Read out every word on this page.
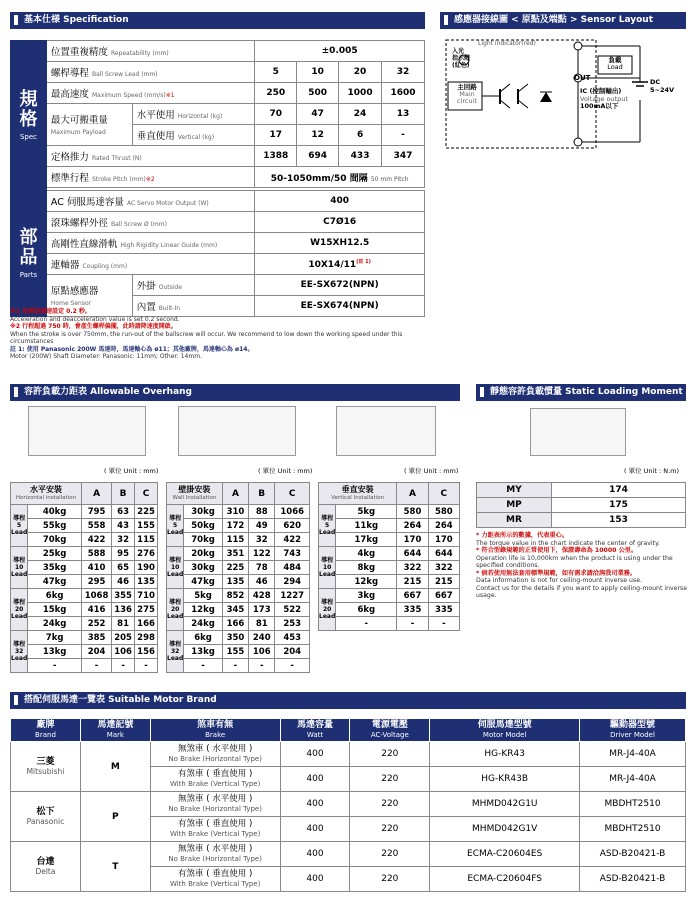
基本仕様 Specification
規格
Spec	位置重複精度 Repeatability (mm)		±0.005			
	螺桿導程 Ball Screw Lead (mm)		5	10	20	32
	最高速度 Maximum Speed (mm/s)※1		250	500	1000	1600
	最大可搬重量
Maximum Payload	水平使用 Horizontal (kg)	70	47	24	13
		垂直使用 Vertical (kg)	17	12	6	-
	定格推力 Rated Thrust (N)		1388	694	433	347
	標準行程 Stroke Pitch (mm)※2		50-1050mm/50 間隔 50 mm Pitch			

部品
Parts	AC 伺服馬達容量 AC Servo Motor Output (W)		400			
	滾珠螺桿外徑 Ball Screw Ø (mm)		C7Ø16			
	高剛性直線滑軌 High Rigidity Linear Guide (mm)		W15XH12.5			
	連軸器 Coupling (mm)		$10X14/11^{(註 1)}$
	原點感應器
Home Sensor	外掛 Outside	EE-SX672(NPN)			
		內置 Built-In	EE-SX674(NPN)			
※1 馬達加減速設定 0.2 秒。
Acceleration and deacceleration value is set 0.2 second.
※2 行程超過 750 時，會產生螺桿偏擺，此時請降速度開啟。
When the stroke is over 750mm, the run-out of the ballscrew will occur. We recommend to low down the working speed under this circumstances
註 1: 使用 Panasonic 200W 馬達時，馬達軸心為 ø11；其他廠牌，馬達軸心為 ø14。
Motor (200W) Shaft Diameter: Panasonic: 11mm; Other: 14mm.
感應器接線圖 < 原點及端點 > Sensor Layout
Light indicator(red)
入光
指示燈
(紅色)
主回路
Main circuit
OUT
負載
Load
DC 5~24V
IC (控制輸出)
Voltage output
100mA以下
容許負載力距表 Allowable Overhang
( 單位 Unit : mm)	( 單位 Unit : mm)	( 單位 Unit : mm)
水平安裝
Horizontal installation		A	B	C
導程
5
Lead	40kg	795	63	225
	55kg	558	43	155
	70kg	422	32	115
導程
10
Lead	25kg	588	95	276
	35kg	410	65	190
	47kg	295	46	135
導程
20
Lead	6kg	1068	355	710
	15kg	416	136	275
	24kg	252	81	166
導程
32
Lead	7kg	385	205	298
	13kg	204	106	156
	-	-	-	-
壁掛安裝
Wall Installation		A	B	C
導程
5
Lead	30kg	310	88	1066
	50kg	172	49	620
	70kg	115	32	422
導程
10
Lead	20kg	351	122	743
	30kg	225	78	484
	47kg	135	46	294
導程
20
Lead	5kg	852	428	1227
	12kg	345	173	522
	24kg	166	81	253
導程
32
Lead	6kg	350	240	453
	13kg	155	106	204
	-	-	-	-
垂直安裝
Vertical Installation		A	C
導程
5
Lead	5kg	580	580
	11kg	264	264
	17kg	170	170
導程
10
Lead	4kg	644	644
	8kg	322	322
	12kg	215	215
導程
20
Lead	3kg	667	667
	6kg	335	335
	-	-	-
靜態容許負載慣量 Static Loading Moment
( 單位 Unit : N.m)
MY	174
MP	175
MR	153
* 力距表所示的數據，代表重心。
The torque value in the chart indicate the center of gravity.
* 符合型錄規範的正常使用下，保證壽命為 10000 公里。
Operation life is 10,000km when the product is using under the specified conditions.
* 倘若使用無法套用標準規範，如有需求請洽詢我司業務。
Data information is not for ceiling-mount inverse use.
Contact us for the details if you want to apply ceiling-mount inverse usage.
搭配伺服馬達一覽表 Suitable Motor Brand
廠牌
Brand	馬達記號
Mark	煞車有無
Brake	馬達容量
Watt	電源電壓
AC-Voltage	伺服馬達型號
Motor Model	驅動器型號
Driver Model

三菱
Mitsubishi	M	無煞車 ( 水平使用 )
No Brake (Horizontal Type)	400	220	HG-KR43	MR-J4-40A
		有煞車 ( 垂直使用 )
With Brake (Vertical Type)	400	220	HG-KR43B	MR-J4-40A
松下
Panasonic	P	無煞車 ( 水平使用 )
No Brake (Horizontal Type)	400	220	MHMD042G1U	MBDHT2510
		有煞車 ( 垂直使用 )
With Brake (Vertical Type)	400	220	MHMD042G1V	MBDHT2510
台達
Delta	T	無煞車 ( 水平使用 )
No Brake (Horizontal Type)	400	220	ECMA-C20604ES	ASD-B20421-B
		有煞車 ( 垂直使用 )
With Brake (Vertical Type)	400	220	ECMA-C20604FS	ASD-B20421-B
